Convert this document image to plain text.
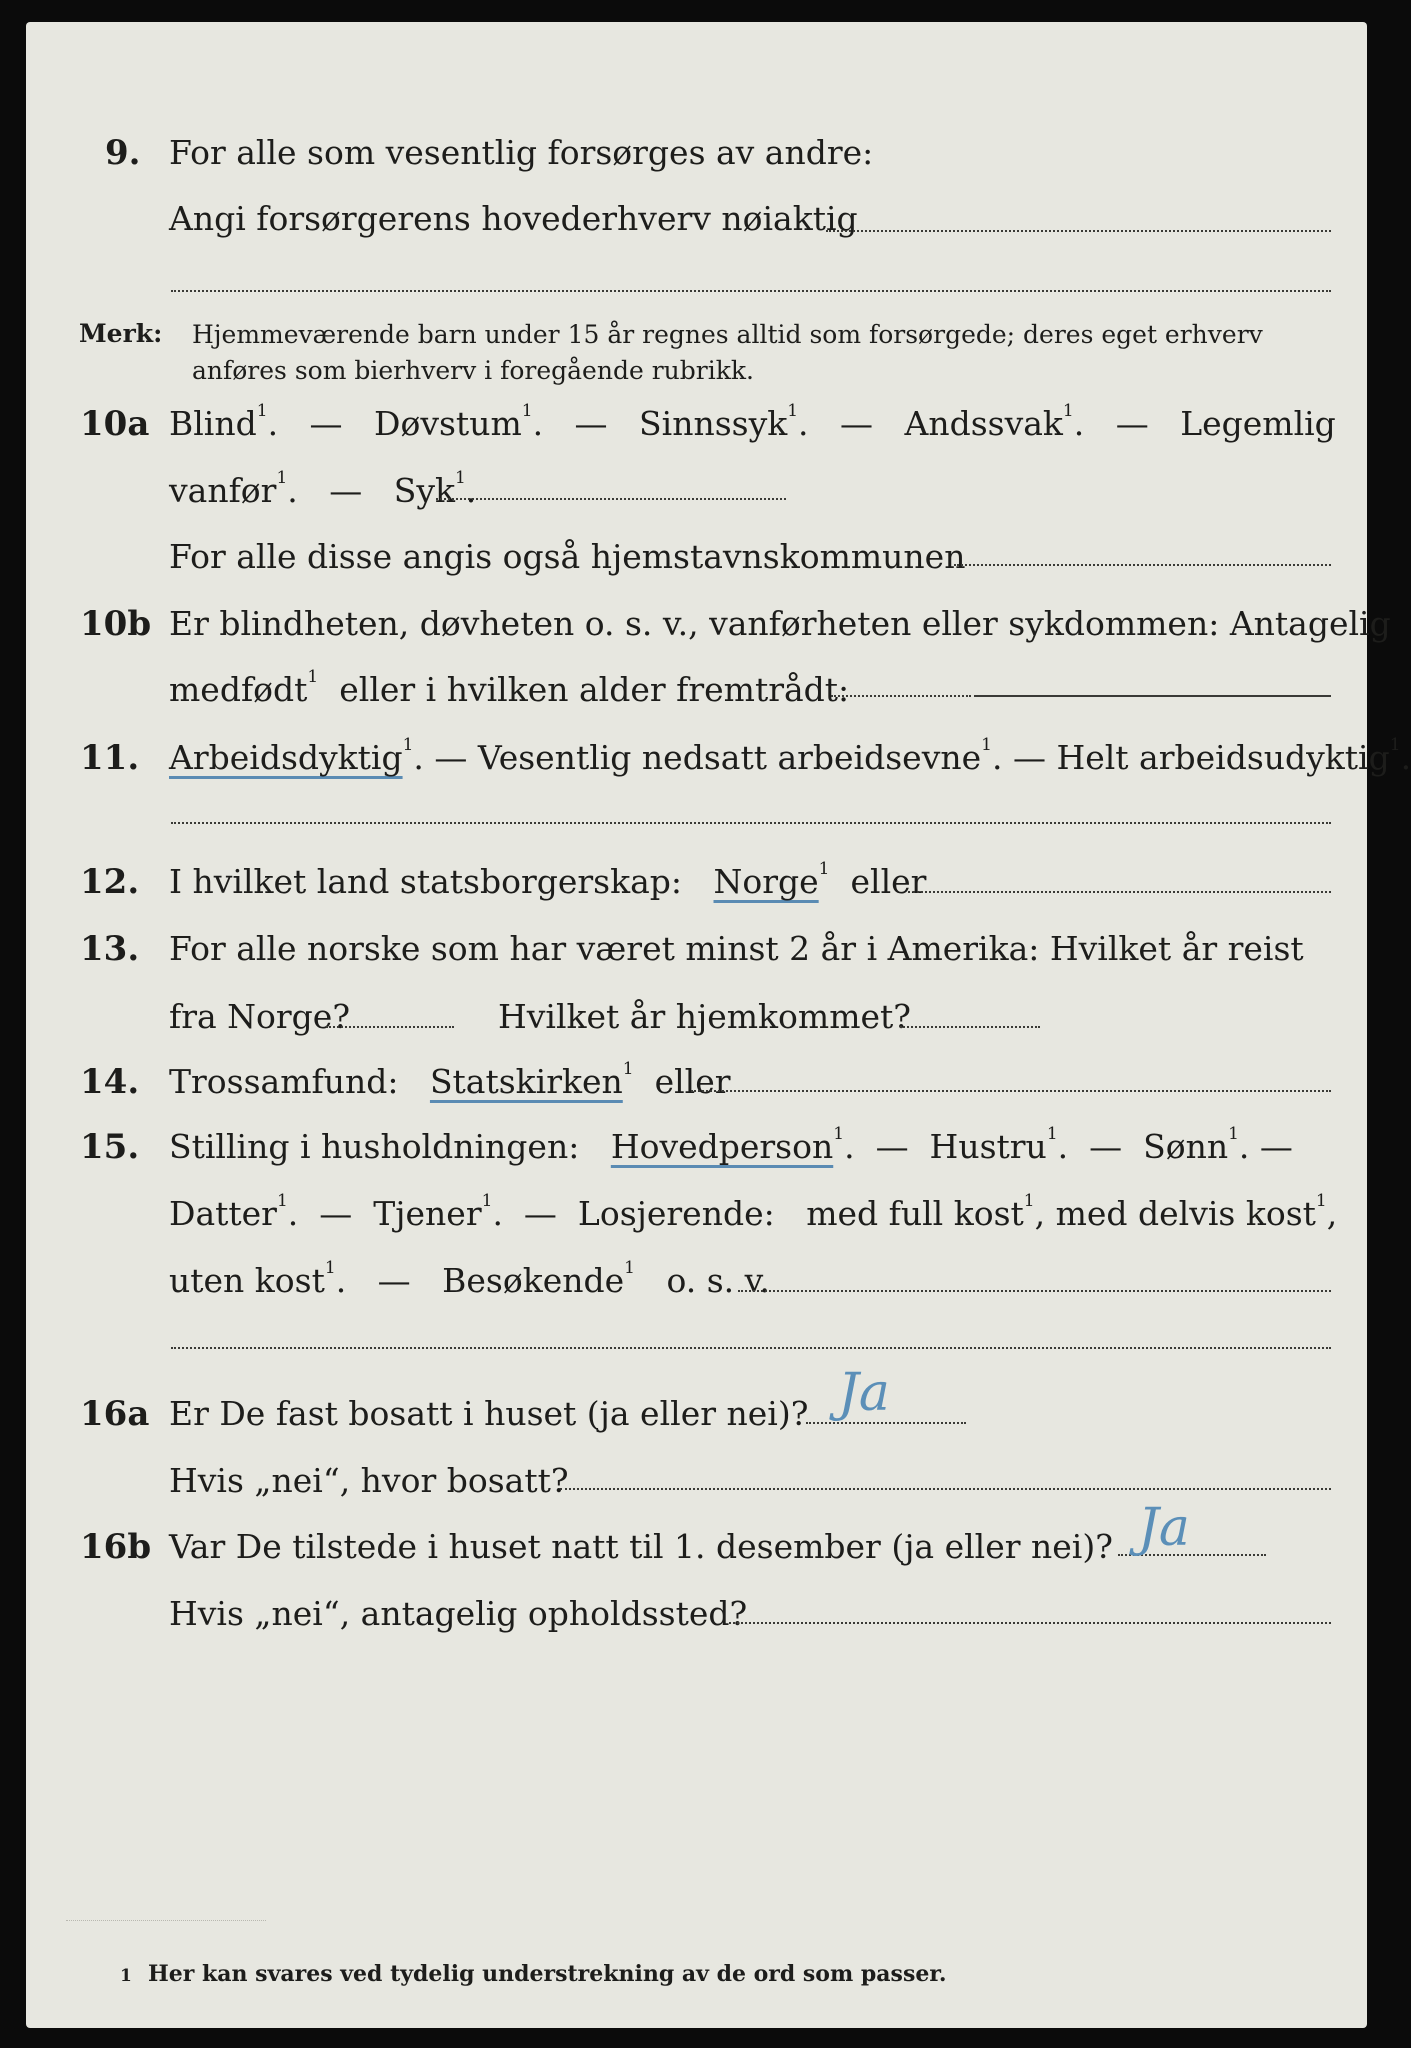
9. For alle som vesentlig forsørges av andre:
Angi forsørgerens hovederhverv nøiaktig
Merk: Hjemmeværende barn under 15 år regnes alltid som forsørgede; deres eget erhverv
anføres som bierhverv i foregående rubrikk.
10a Blind$^1$.   — Døvstum$^1$.   — Sinnssyk$^1$.   — Andssvak$^1$.   — Legemlig
vanfør$^1$.   — Syk$^1$.
For alle disse angis også hjemstavnskommunen
10b Er blindheten, døvheten o. s. v., vanførheten eller sykdommen: Antagelig
medfødt$^1$ eller i hvilken alder fremtrådt:
11. Arbeidsdyktig$^1$. — Vesentlig nedsatt arbeidsevne$^1$. — Helt arbeidsudyktig$^1$.
12. I hvilket land statsborgerskap: Norge$^1$ eller
13. For alle norske som har været minst 2 år i Amerika: Hvilket år reist
fra Norge?	Hvilket år hjemkommet?
14. Trossamfund: Statskirken$^1$ eller
15. Stilling i husholdningen: Hovedperson$^1$.  — Hustru$^1$.  — Sønn$^1$. —
Datter$^1$.  — Tjener$^1$.  — Losjerende: med full kost$^1$, med delvis kost$^1$,
uten kost$^1$.   — Besøkende$^1$ o. s. v.
16a Er De fast bosatt i huset (ja eller nei)? Ja
Hvis „nei“, hvor bosatt?
16b Var De tilstede i huset natt til 1. desember (ja eller nei)? Ja
Hvis „nei“, antagelig opholdssted?
1 Her kan svares ved tydelig understrekning av de ord som passer.
